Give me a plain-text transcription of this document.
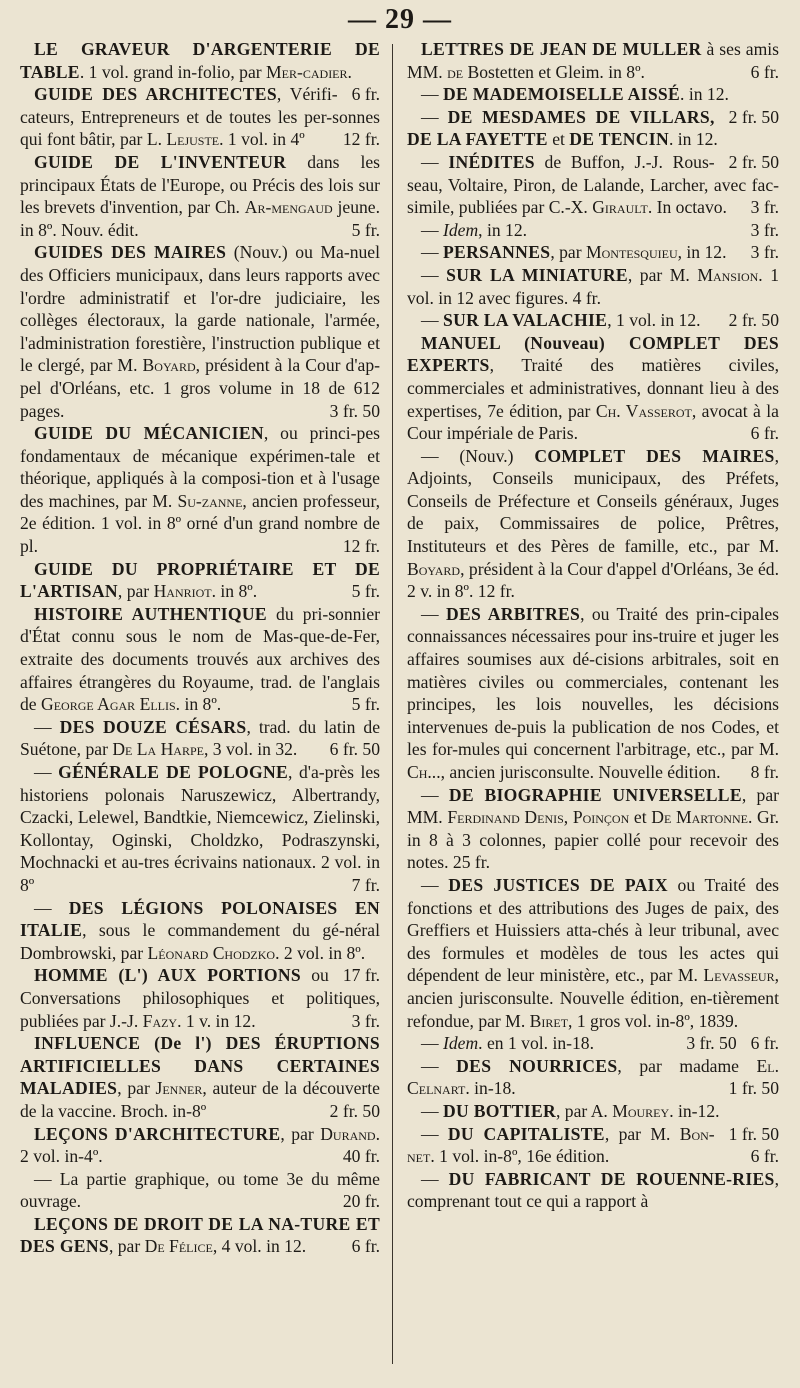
— 29 —

LE GRAVEUR D'ARGENTERIE DE TABLE. 1 vol. grand in-folio, par Mer-cadier.
6 fr.

GUIDE DES ARCHITECTES, Vérifi-cateurs, Entrepreneurs et de toutes les per-sonnes qui font bâtir, par L. Lejuste. 1 vol. in 4º	12 fr.

GUIDE DE L'INVENTEUR dans les principaux États de l'Europe, ou Précis des lois sur les brevets d'invention, par Ch. Ar-mengaud jeune. in 8º. Nouv. édit.	5 fr.

GUIDES DES MAIRES (Nouv.) ou Ma-nuel des Officiers municipaux, dans leurs rapports avec l'ordre administratif et l'or-dre judiciaire, les collèges électoraux, la garde nationale, l'armée, l'administration forestière, l'instruction publique et le clergé, par M. Boyard, président à la Cour d'ap-pel d'Orléans, etc. 1 gros volume in 18 de 612 pages.	3 fr. 50

GUIDE DU MÉCANICIEN, ou princi-pes fondamentaux de mécanique expérimen-tale et théorique, appliqués à la composi-tion et à l'usage des machines, par M. Su-zanne, ancien professeur, 2e édition. 1 vol. in 8º orné d'un grand nombre de pl.	12 fr.

GUIDE DU PROPRIÉTAIRE ET DE L'ARTISAN, par Hanriot. in 8º.	5 fr.

HISTOIRE AUTHENTIQUE du pri-sonnier d'État connu sous le nom de Mas-que-de-Fer, extraite des documents trouvés aux archives des affaires étrangères du Royaume, trad. de l'anglais de George Agar Ellis. in 8º.	5 fr.

— DES DOUZE CÉSARS, trad. du latin de Suétone, par De La Harpe, 3 vol. in 32.	6 fr. 50

— GÉNÉRALE DE POLOGNE, d'a-près les historiens polonais Naruszewicz, Albertrandy, Czacki, Lelewel, Bandtkie, Niemcewicz, Zielinski, Kollontay, Oginski, Choldzko, Podraszynski, Mochnacki et au-tres écrivains nationaux. 2 vol. in 8º	7 fr.

— DES LÉGIONS POLONAISES EN ITALIE, sous le commandement du gé-néral Dombrowski, par Léonard Chodzko. 2 vol. in 8º.
17 fr.

HOMME (L') AUX PORTIONS ou Conversations philosophiques et politiques, publiées par J.-J. Fazy. 1 v. in 12.	3 fr.

INFLUENCE (De l') DES ÉRUPTIONS ARTIFICIELLES DANS CERTAINES MALADIES, par Jenner, auteur de la découverte de la vaccine. Broch. in-8º	2 fr. 50

LEÇONS D'ARCHITECTURE, par Durand. 2 vol. in-4º.	40 fr.

— La partie graphique, ou tome 3e du même ouvrage.	20 fr.

LEÇONS DE DROIT DE LA NA-TURE ET DES GENS, par De Félice, 4 vol. in 12.	6 fr.

LETTRES DE JEAN DE MULLER à ses amis MM. de Bostetten et Gleim. in 8º.	6 fr.

— DE MADEMOISELLE AISSÉ. in 12.
2 fr. 50

— DE MESDAMES DE VILLARS, DE LA FAYETTE et DE TENCIN. in 12.
2 fr. 50

— INÉDITES de Buffon, J.-J. Rous-seau, Voltaire, Piron, de Lalande, Larcher, avec fac-simile, publiées par C.-X. Girault. In octavo.	3 fr.

— Idem, in 12.	3 fr.

— PERSANNES, par Montesquieu, in 12.	3 fr.

— SUR LA MINIATURE, par M. Mansion. 1 vol. in 12 avec figures. 4 fr.

— SUR LA VALACHIE, 1 vol. in 12.	2 fr. 50

MANUEL (Nouveau) COMPLET DES EXPERTS, Traité des matières civiles, commerciales et administratives, donnant lieu à des expertises, 7e édition, par Ch. Vasserot, avocat à la Cour impériale de Paris.	6 fr.

— (Nouv.) COMPLET DES MAIRES, Adjoints, Conseils municipaux, des Préfets, Conseils de Préfecture et Conseils généraux, Juges de paix, Commissaires de police, Prêtres, Instituteurs et des Pères de famille, etc., par M. Boyard, président à la Cour d'appel d'Orléans, 3e éd. 2 v. in 8º. 12 fr.

— DES ARBITRES, ou Traité des prin-cipales connaissances nécessaires pour ins-truire et juger les affaires soumises aux dé-cisions arbitrales, soit en matières civiles ou commerciales, contenant les principes, les lois nouvelles, les décisions intervenues de-puis la publication de nos Codes, et les for-mules qui concernent l'arbitrage, etc., par M. Ch..., ancien jurisconsulte. Nouvelle édition.	8 fr.

— DE BIOGRAPHIE UNIVERSELLE, par MM. Ferdinand Denis, Poinçon et De Martonne. Gr. in 8 à 3 colonnes, papier collé pour recevoir des notes. 25 fr.

— DES JUSTICES DE PAIX ou Traité des fonctions et des attributions des Juges de paix, des Greffiers et Huissiers atta-chés à leur tribunal, avec des formules et modèles de tous les actes qui dépendent de leur ministère, etc., par M. Levasseur, ancien jurisconsulte. Nouvelle édition, en-tièrement refondue, par M. Biret, 1 gros vol. in-8º, 1839.
6 fr.

— Idem. en 1 vol. in-18.	3 fr. 50

— DES NOURRICES, par madame El. Celnart. in-18.	1 fr. 50

— DU BOTTIER, par A. Mourey. in-12.
1 fr. 50

— DU CAPITALISTE, par M. Bon-net. 1 vol. in-8º, 16e édition.	6 fr.

— DU FABRICANT DE ROUENNE-RIES, comprenant tout ce qui a rapport à
